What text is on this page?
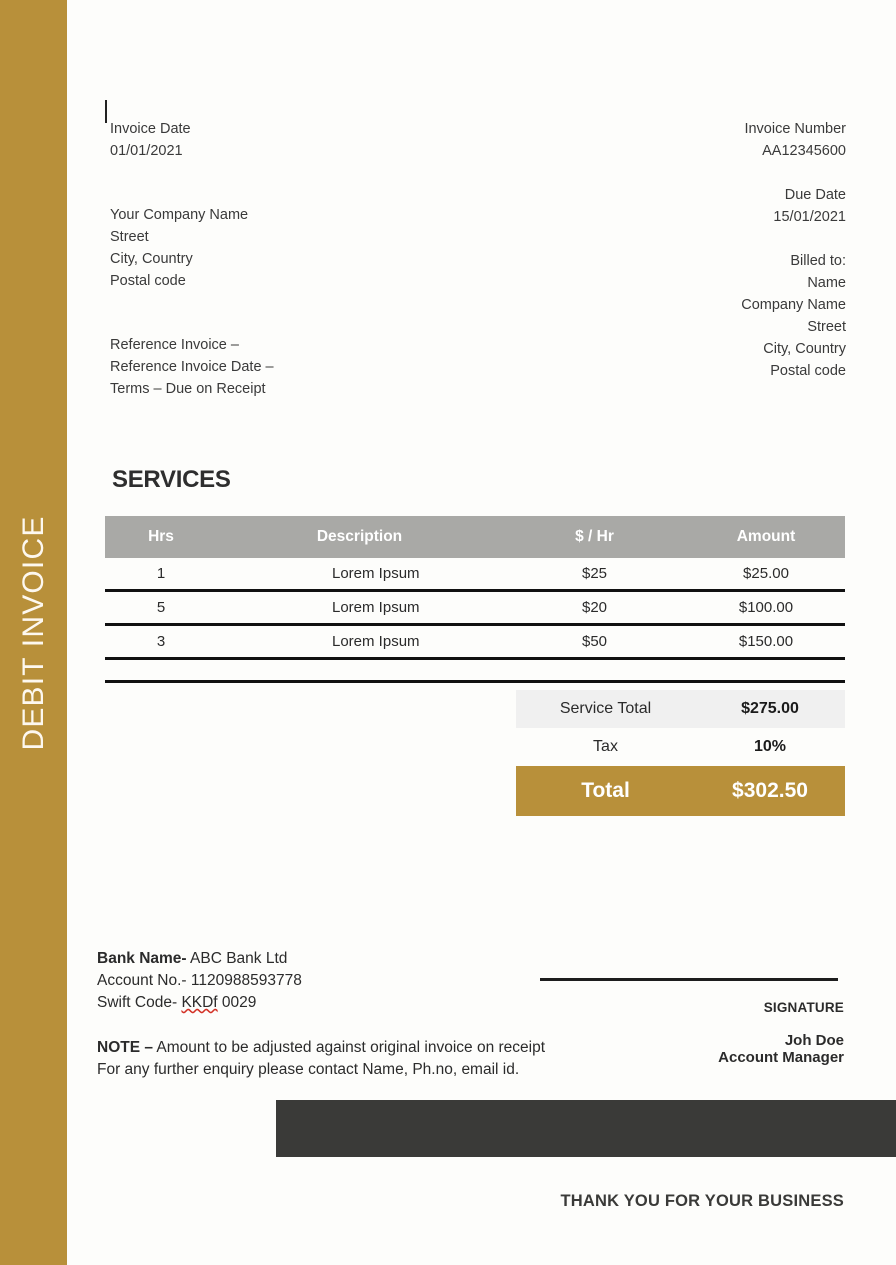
DEBIT INVOICE
Invoice Date
01/01/2021
Your Company Name
Street
City, Country
Postal code
Reference Invoice –
Reference Invoice Date –
Terms – Due on Receipt
Invoice Number
AA12345600
Due Date
15/01/2021
Billed to:
Name
Company Name
Street
City, Country
Postal code
SERVICES
Hrs	Description	$ / Hr	Amount
1	Lorem Ipsum	$25	$25.00
5	Lorem Ipsum	$20	$100.00
3	Lorem Ipsum	$50	$150.00

Service Total	$275.00
Tax	10%
Total	$302.50
Bank Name- ABC Bank Ltd
Account No.- 1120988593778
Swift Code- KKDf 0029
NOTE – Amount to be adjusted against original invoice on receipt
For any further enquiry please contact Name, Ph.no, email id.
SIGNATURE
Joh Doe
Account Manager
THANK YOU FOR YOUR BUSINESS
